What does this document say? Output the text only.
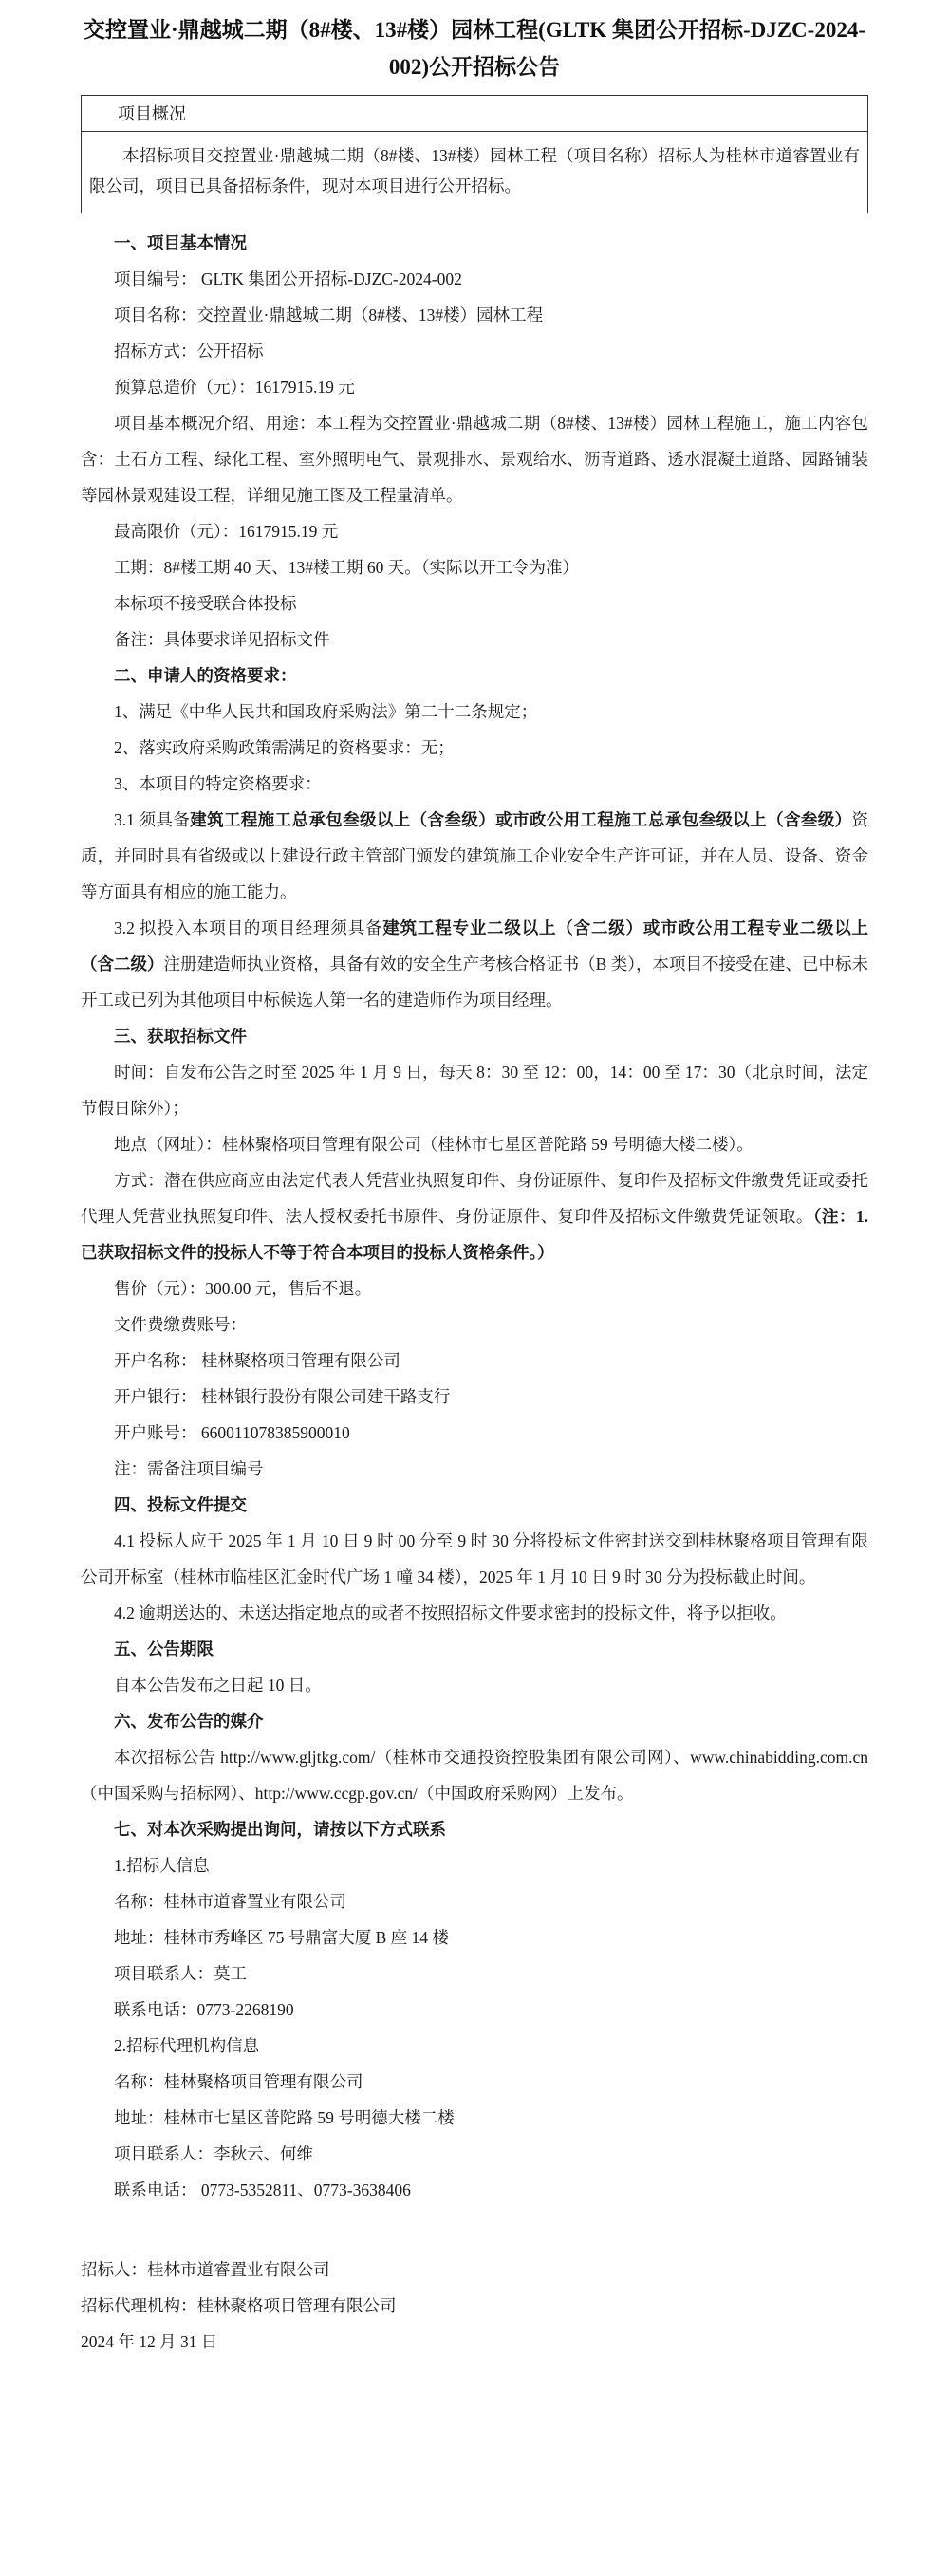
交控置业·鼎越城二期（8#楼、13#楼）园林工程(GLTK 集团公开招标-DJZC-2024-002)公开招标公告
项目概况
本招标项目交控置业·鼎越城二期（8#楼、13#楼）园林工程（项目名称）招标人为桂林市道睿置业有限公司，项目已具备招标条件，现对本项目进行公开招标。

一、项目基本情况

项目编号： GLTK 集团公开招标-DJZC-2024-002

项目名称：交控置业·鼎越城二期（8#楼、13#楼）园林工程

招标方式：公开招标

预算总造价（元）：1617915.19 元

项目基本概况介绍、用途：本工程为交控置业·鼎越城二期（8#楼、13#楼）园林工程施工，施工内容包含：土石方工程、绿化工程、室外照明电气、景观排水、景观给水、沥青道路、透水混凝土道路、园路铺装等园林景观建设工程，详细见施工图及工程量清单。

最高限价（元）：1617915.19 元

工期：8#楼工期 40 天、13#楼工期 60 天。（实际以开工令为准）

本标项不接受联合体投标

备注：具体要求详见招标文件

二、申请人的资格要求：

1、满足《中华人民共和国政府采购法》第二十二条规定；

2、落实政府采购政策需满足的资格要求：无；

3、本项目的特定资格要求：

3.1 须具备建筑工程施工总承包叁级以上（含叁级）或市政公用工程施工总承包叁级以上（含叁级）资质，并同时具有省级或以上建设行政主管部门颁发的建筑施工企业安全生产许可证，并在人员、设备、资金等方面具有相应的施工能力。

3.2 拟投入本项目的项目经理须具备建筑工程专业二级以上（含二级）或市政公用工程专业二级以上（含二级）注册建造师执业资格，具备有效的安全生产考核合格证书（B 类），本项目不接受在建、已中标未开工或已列为其他项目中标候选人第一名的建造师作为项目经理。

三、获取招标文件

时间：自发布公告之时至 2025 年 1 月 9 日，每天 8：30 至 12：00，14：00 至 17：30（北京时间，法定节假日除外）；

地点（网址）：桂林聚格项目管理有限公司（桂林市七星区普陀路 59 号明德大楼二楼）。

方式：潜在供应商应由法定代表人凭营业执照复印件、身份证原件、复印件及招标文件缴费凭证或委托代理人凭营业执照复印件、法人授权委托书原件、身份证原件、复印件及招标文件缴费凭证领取。（注：1. 已获取招标文件的投标人不等于符合本项目的投标人资格条件。）

售价（元）：300.00 元，售后不退。

文件费缴费账号：

开户名称： 桂林聚格项目管理有限公司

开户银行： 桂林银行股份有限公司建干路支行

开户账号： 660011078385900010

注：需备注项目编号

四、投标文件提交

4.1 投标人应于 2025 年 1 月 10 日 9 时 00 分至 9 时 30 分将投标文件密封送交到桂林聚格项目管理有限公司开标室（桂林市临桂区汇金时代广场 1 幢 34 楼），2025 年 1 月 10 日 9 时 30 分为投标截止时间。

4.2 逾期送达的、未送达指定地点的或者不按照招标文件要求密封的投标文件，将予以拒收。

五、公告期限

自本公告发布之日起 10 日。

六、发布公告的媒介

本次招标公告 http://www.gljtkg.com/（桂林市交通投资控股集团有限公司网）、www.chinabidding.com.cn（中国采购与招标网）、http://www.ccgp.gov.cn/（中国政府采购网）上发布。

七、对本次采购提出询问，请按以下方式联系

1.招标人信息

名称：桂林市道睿置业有限公司

地址：桂林市秀峰区 75 号鼎富大厦 B 座 14 楼

项目联系人：莫工

联系电话：0773-2268190

2.招标代理机构信息

名称：桂林聚格项目管理有限公司

地址：桂林市七星区普陀路 59 号明德大楼二楼

项目联系人：李秋云、何维

联系电话： 0773-5352811、0773-3638406

招标人：桂林市道睿置业有限公司

招标代理机构：桂林聚格项目管理有限公司

2024 年 12 月 31 日
